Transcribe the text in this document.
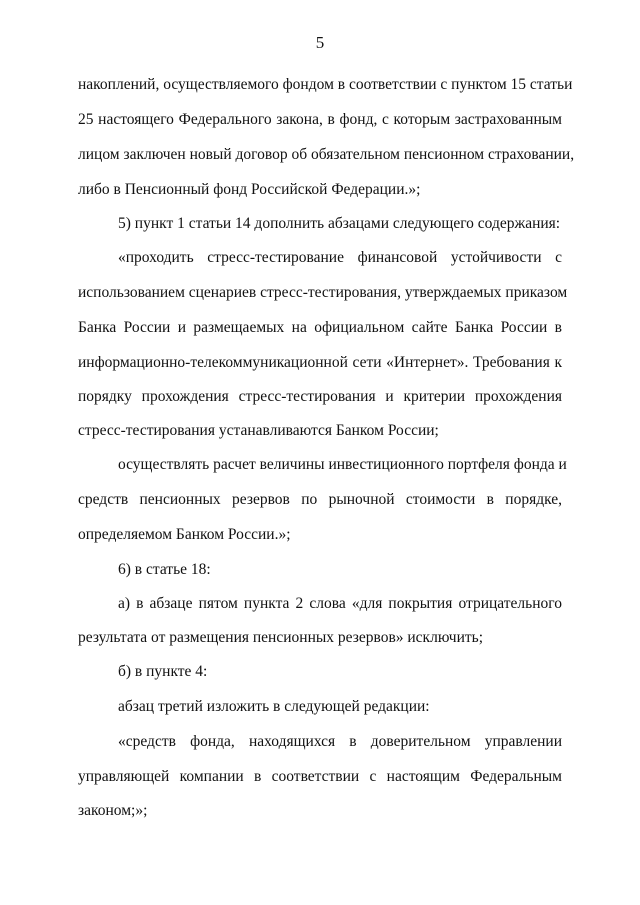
5
накоплений, осуществляемого фондом в соответствии с пунктом 15 статьи
25 настоящего Федерального закона, в фонд, с которым застрахованным
лицом заключен новый договор об обязательном пенсионном страховании,
либо в Пенсионный фонд Российской Федерации.»;
5) пункт 1 статьи 14 дополнить абзацами следующего содержания:
«проходить стресс-тестирование финансовой устойчивости с
использованием сценариев стресс-тестирования, утверждаемых приказом
Банка России и размещаемых на официальном сайте Банка России в
информационно-телекоммуникационной сети «Интернет». Требования к
порядку прохождения стресс-тестирования и критерии прохождения
стресс-тестирования устанавливаются Банком России;
осуществлять расчет величины инвестиционного портфеля фонда и
средств пенсионных резервов по рыночной стоимости в порядке,
определяемом Банком России.»;
6) в статье 18:
а) в абзаце пятом пункта 2 слова «для покрытия отрицательного
результата от размещения пенсионных резервов» исключить;
б) в пункте 4:
абзац третий изложить в следующей редакции:
«средств фонда, находящихся в доверительном управлении
управляющей компании в соответствии с настоящим Федеральным
законом;»;
